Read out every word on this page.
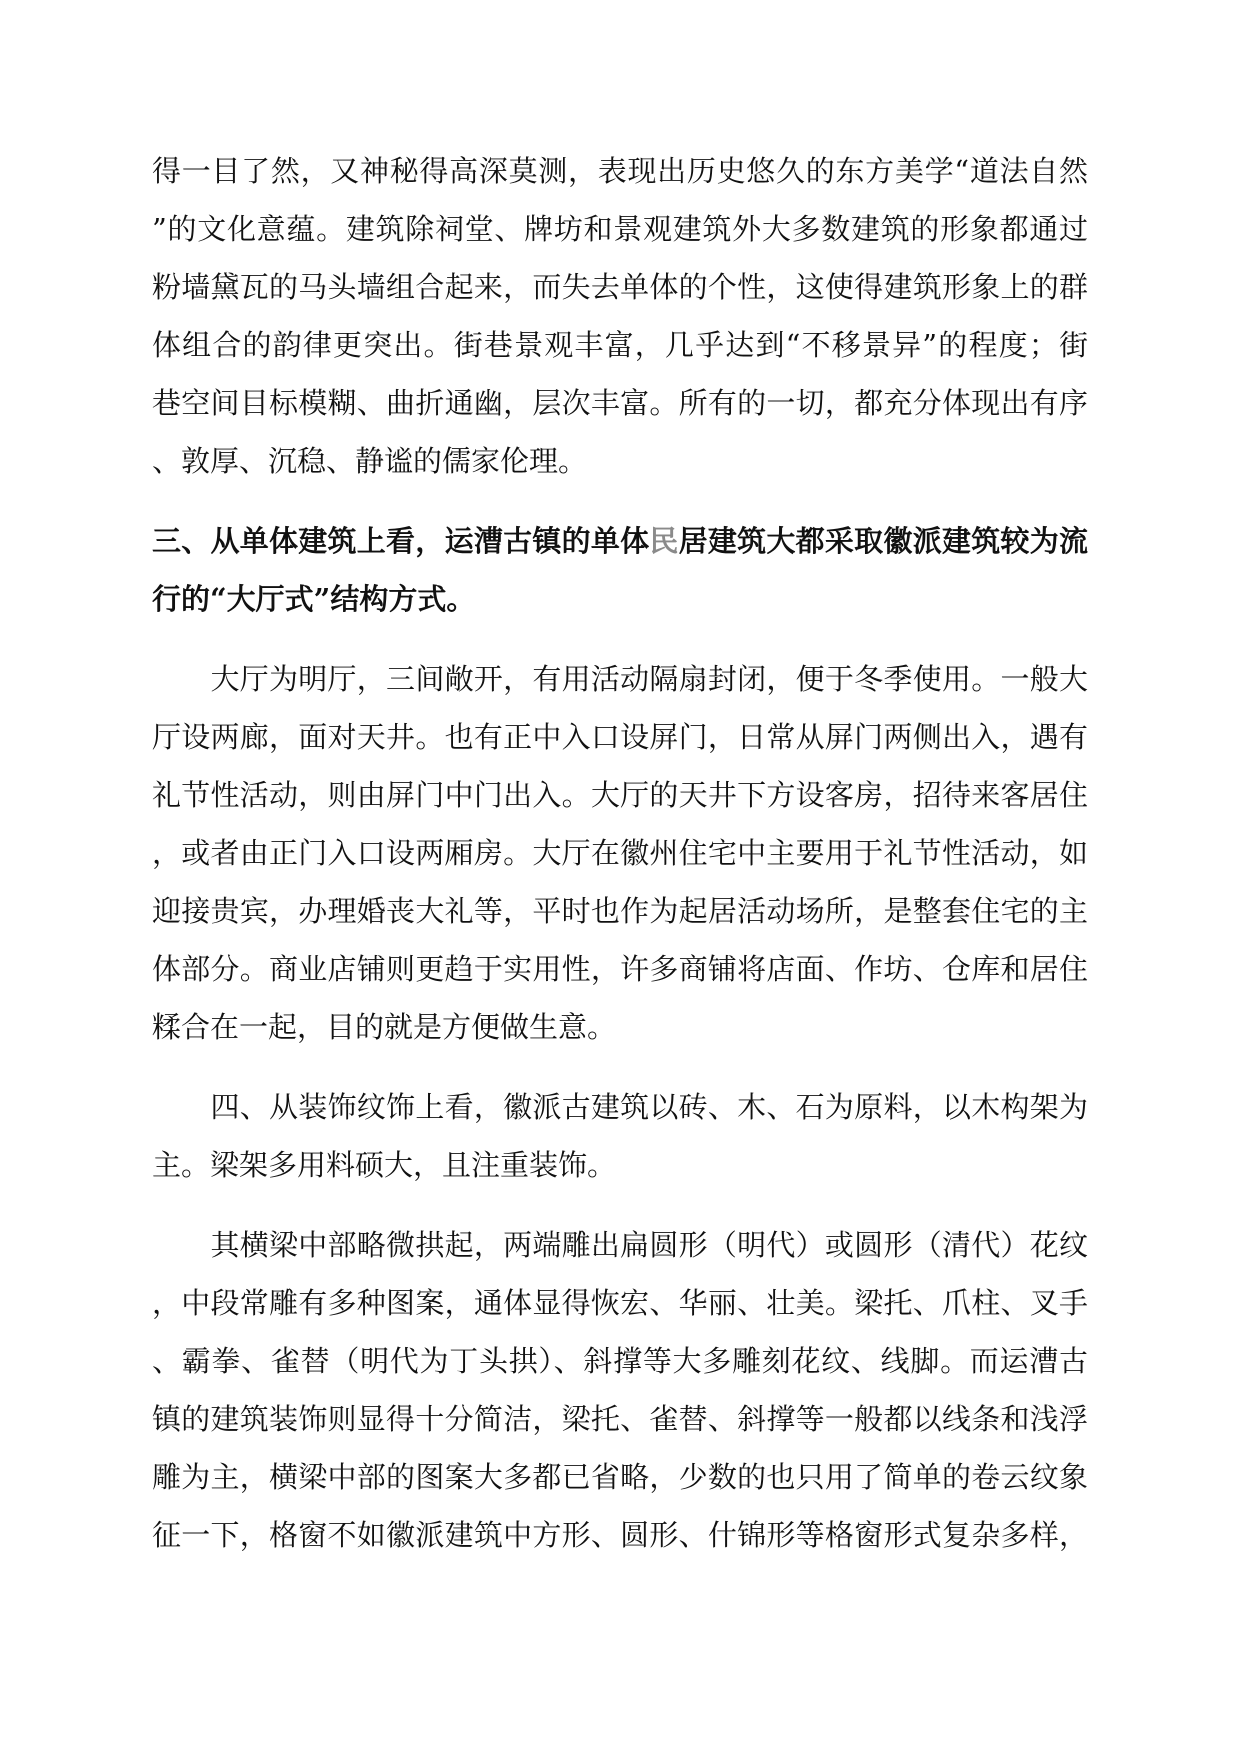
得一目了然，又神秘得高深莫测，表现出历史悠久的东方美学“道法自然
”的文化意蕴。建筑除祠堂、牌坊和景观建筑外大多数建筑的形象都通过
粉墙黛瓦的马头墙组合起来，而失去单体的个性，这使得建筑形象上的群
体组合的韵律更突出。街巷景观丰富，几乎达到“不移景异”的程度；街
巷空间目标模糊、曲折通幽，层次丰富。所有的一切，都充分体现出有序
、敦厚、沉稳、静谧的儒家伦理。
三、从单体建筑上看，运漕古镇的单体民居建筑大都采取徽派建筑较为流
行的“大厅式”结构方式。
　　大厅为明厅，三间敞开，有用活动隔扇封闭，便于冬季使用。一般大
厅设两廊，面对天井。也有正中入口设屏门，日常从屏门两侧出入，遇有
礼节性活动，则由屏门中门出入。大厅的天井下方设客房，招待来客居住
，或者由正门入口设两厢房。大厅在徽州住宅中主要用于礼节性活动，如
迎接贵宾，办理婚丧大礼等，平时也作为起居活动场所，是整套住宅的主
体部分。商业店铺则更趋于实用性，许多商铺将店面、作坊、仓库和居住
糅合在一起，目的就是方便做生意。
　　四、从装饰纹饰上看，徽派古建筑以砖、木、石为原料，以木构架为
主。梁架多用料硕大，且注重装饰。
　　其横梁中部略微拱起，两端雕出扁圆形（明代）或圆形（清代）花纹
，中段常雕有多种图案，通体显得恢宏、华丽、壮美。梁托、爪柱、叉手
、霸拳、雀替（明代为丁头拱）、斜撑等大多雕刻花纹、线脚。而运漕古
镇的建筑装饰则显得十分简洁，梁托、雀替、斜撑等一般都以线条和浅浮
雕为主，横梁中部的图案大多都已省略，少数的也只用了简单的卷云纹象
征一下，格窗不如徽派建筑中方形、圆形、什锦形等格窗形式复杂多样，
